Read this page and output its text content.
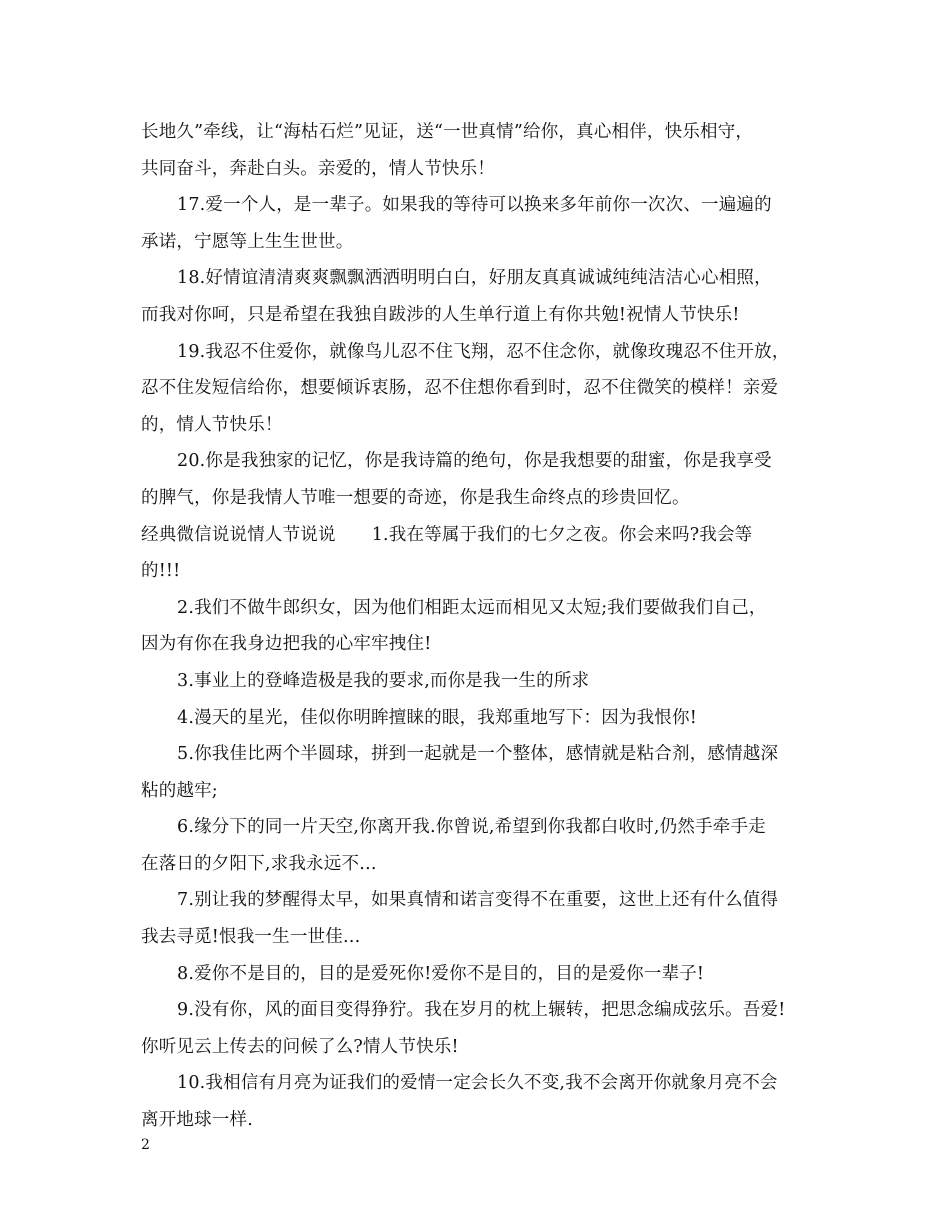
长地久”牵线，让“海枯石烂”见证，送“一世真情”给你，真心相伴，快乐相守，
共同奋斗，奔赴白头。亲爱的，情人节快乐！
17.爱一个人，是一辈子。如果我的等待可以换来多年前你一次次、一遍遍的
承诺，宁愿等上生生世世。
18.好情谊清清爽爽飘飘洒洒明明白白，好朋友真真诚诚纯纯洁洁心心相照，
而我对你呵，只是希望在我独自跋涉的人生单行道上有你共勉!祝情人节快乐!
19.我忍不住爱你，就像鸟儿忍不住飞翔，忍不住念你，就像玫瑰忍不住开放，
忍不住发短信给你，想要倾诉衷肠，忍不住想你看到时，忍不住微笑的模样！亲爱
的，情人节快乐！
20.你是我独家的记忆，你是我诗篇的绝句，你是我想要的甜蜜，你是我享受
的脾气，你是我情人节唯一想要的奇迹，你是我生命终点的珍贵回忆。
经典微信说说情人节说说 1.我在等属于我们的七夕之夜。你会来吗?我会等
的!!!
2.我们不做牛郎织女，因为他们相距太远而相见又太短;我们要做我们自己，
因为有你在我身边把我的心牢牢拽住!
3.事业上的登峰造极是我的要求,而你是我一生的所求
4.漫天的星光，佳似你明眸擅睐的眼，我郑重地写下：因为我恨你!
5.你我佳比两个半圆球，拼到一起就是一个整体，感情就是粘合剂，感情越深
粘的越牢;
6.缘分下的同一片天空,你离开我.你曾说,希望到你我都白收时,仍然手牵手走
在落日的夕阳下,求我永远不…
7.别让我的梦醒得太早，如果真情和诺言变得不在重要，这世上还有什么值得
我去寻觅!恨我一生一世佳…
8.爱你不是目的，目的是爱死你!爱你不是目的，目的是爱你一辈子!
9.没有你，风的面目变得狰狞。我在岁月的枕上辗转，把思念编成弦乐。吾爱!
你听见云上传去的问候了么?情人节快乐!
10.我相信有月亮为证我们的爱情一定会长久不变,我不会离开你就象月亮不会
离开地球一样.
2
